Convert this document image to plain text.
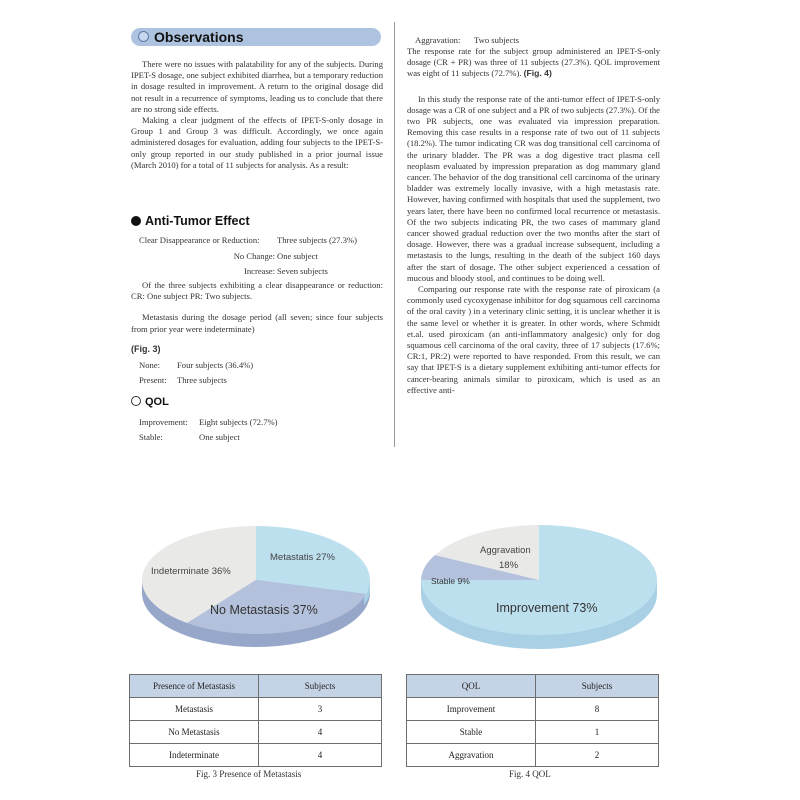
Observations

There were no issues with palatability for any of the subjects. During IPET-S dosage, one subject exhibited diarrhea, but a temporary reduction in dosage resulted in improvement. A return to the original dosage did not result in a recurrence of symptoms, leading us to conclude that there are no strong side effects.

Making a clear judgment of the effects of IPET-S-only dosage in Group 1 and Group 3 was difficult. Accordingly, we once again administered dosages for evaluation, adding four subjects to the IPET-S-only group reported in our study published in a prior journal issue (March 2010) for a total of 11 subjects for analysis. As a result:

Anti-Tumor Effect
Clear Disappearance or Reduction: Three subjects (27.3%)
No Change: One subject
Increase: Seven subjects

Of the three subjects exhibiting a clear disappearance or reduction: CR: One subject PR: Two subjects.

Metastasis during the dosage period (all seven; since four subjects from prior year were indeterminate)

(Fig. 3)
None: Four subjects (36.4%)
Present: Three subjects
QOL
Improvement: Eight subjects (72.7%)
Stable:	One subject
Aggravation: Two subjects

The response rate for the subject group administered an IPET-S-only dosage (CR + PR) was three of 11 subjects (27.3%). QOL improvement was eight of 11 subjects (72.7%). (Fig. 4)

In this study the response rate of the anti-tumor effect of IPET-S-only dosage was a CR of one subject and a PR of two subjects (27.3%). Of the two PR subjects, one was evaluated via impression preparation. Removing this case results in a response rate of two out of 11 subjects (18.2%). The tumor indicating CR was dog transitional cell carcinoma of the urinary bladder. The PR was a dog digestive tract plasma cell neoplasm evaluated by impression preparation as dog mammary gland cancer. The behavior of the dog transitional cell carcinoma of the urinary bladder was extremely locally invasive, with a high metastasis rate. However, having confirmed with hospitals that used the supplement, two years later, there have been no confirmed local recurrence or metastasis. Of the two subjects indicating PR, the two cases of mammary gland cancer showed gradual reduction over the two months after the start of dosage. However, there was a gradual increase subsequent, including a metastasis to the lungs, resulting in the death of the subject 160 days after the start of dosage. The other subject experienced a cessation of mucous and bloody stool, and continues to be doing well.

Comparing our response rate with the response rate of piroxicam (a commonly used cycoxygenase inhibitor for dog squamous cell carcinoma of the oral cavity ) in a veterinary clinic setting, it is unclear whether it is the same level or whether it is greater. In other words, where Schmidt et.al. used piroxicam (an anti-inflammatory analgesic) only for dog squamous cell carcinoma of the oral cavity, three of 17 subjects (17.6%; CR:1, PR:2) were reported to have responded. From this result, we can say that IPET-S is a dietary supplement exhibiting anti-tumor effects for cancer-bearing animals similar to piroxicam, which is used as an effective anti-

Metastatis 27%
Indeterminate 36%
No Metastasis 37%
Aggravation
18%
Stable 9%
Improvement 73%
Presence of Metastasis	Subjects
Metastasis	3
No Metastasis	4
Indeterminate	4
QOL	Subjects
Improvement	8
Stable	1
Aggravation	2
Fig. 3 Presence of Metastasis	Fig. 4 QOL
